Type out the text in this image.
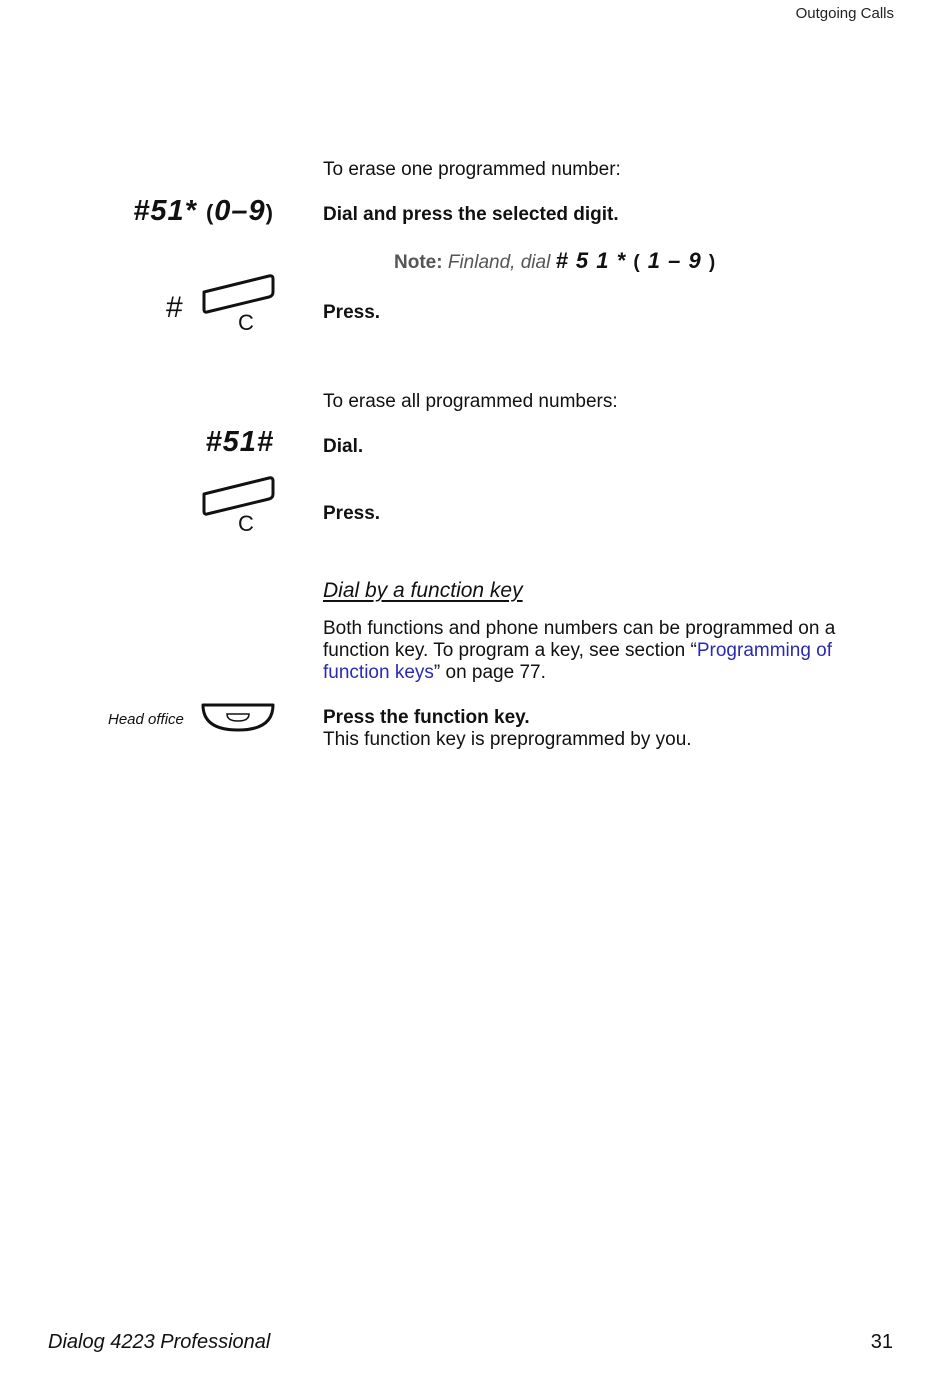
Outgoing Calls
To erase one programmed number:
#51* (0–9)	Dial and press the selected digit.
Note: Finland, dial # 5 1 * ( 1 – 9 )
#	C	Press.
To erase all programmed numbers:
#51#	Dial.
C	Press.
Dial by a function key
Both functions and phone numbers can be programmed on a function key. To program a key, see section “Programming of function keys” on page 77.
Head office	Press the function key.
This function key is preprogrammed by you.
Dialog 4223 Professional	31
